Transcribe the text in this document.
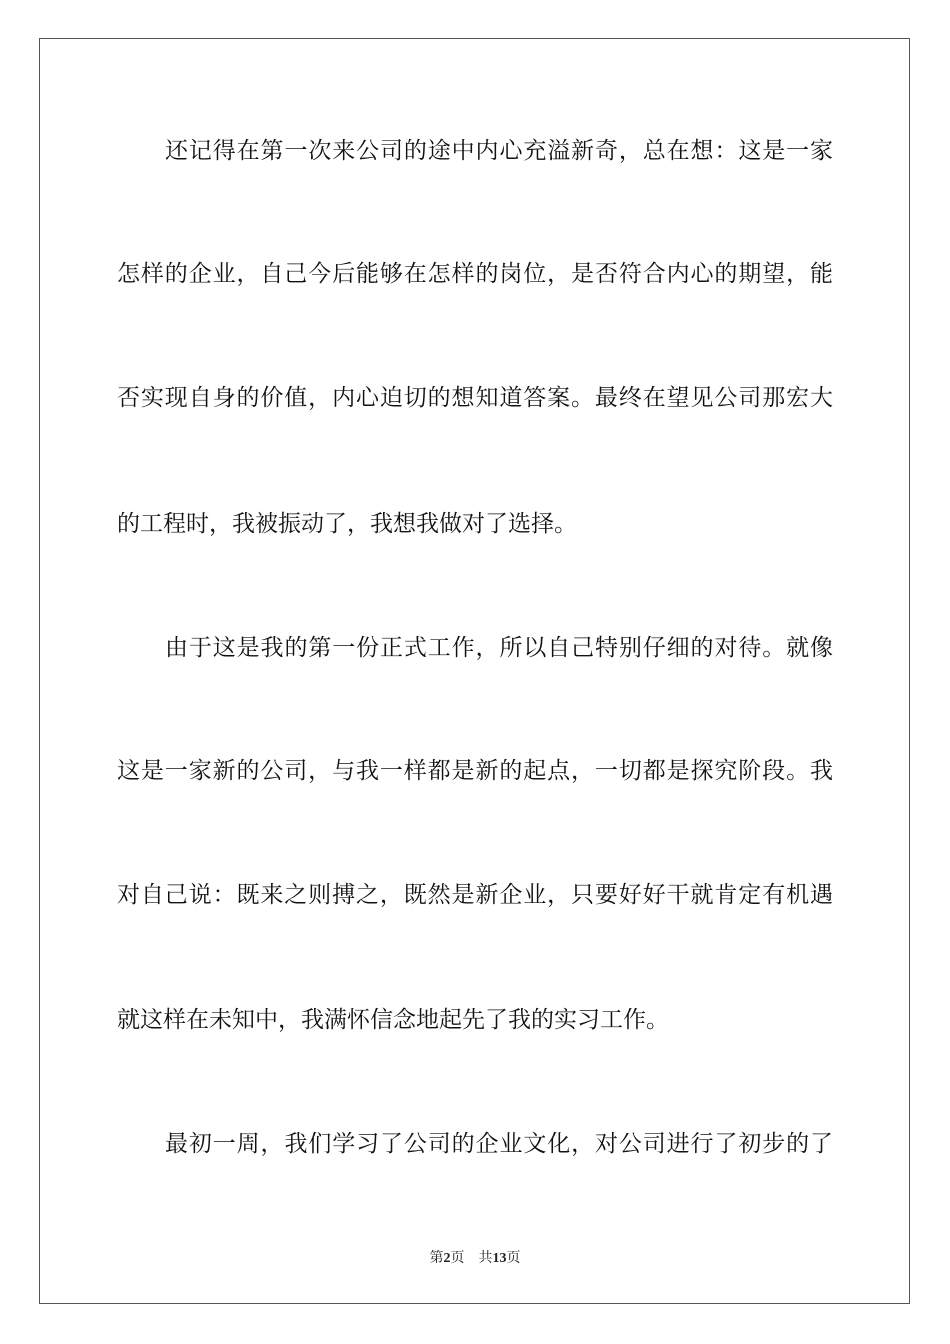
还记得在第一次来公司的途中内心充溢新奇，总在想：这是一家
怎样的企业，自己今后能够在怎样的岗位，是否符合内心的期望，能
否实现自身的价值，内心迫切的想知道答案。最终在望见公司那宏大
的工程时，我被振动了，我想我做对了选择。
由于这是我的第一份正式工作，所以自己特别仔细的对待。就像
这是一家新的公司，与我一样都是新的起点，一切都是探究阶段。我
对自己说：既来之则搏之，既然是新企业，只要好好干就肯定有机遇
就这样在未知中，我满怀信念地起先了我的实习工作。
最初一周，我们学习了公司的企业文化，对公司进行了初步的了
第2页 共13页
